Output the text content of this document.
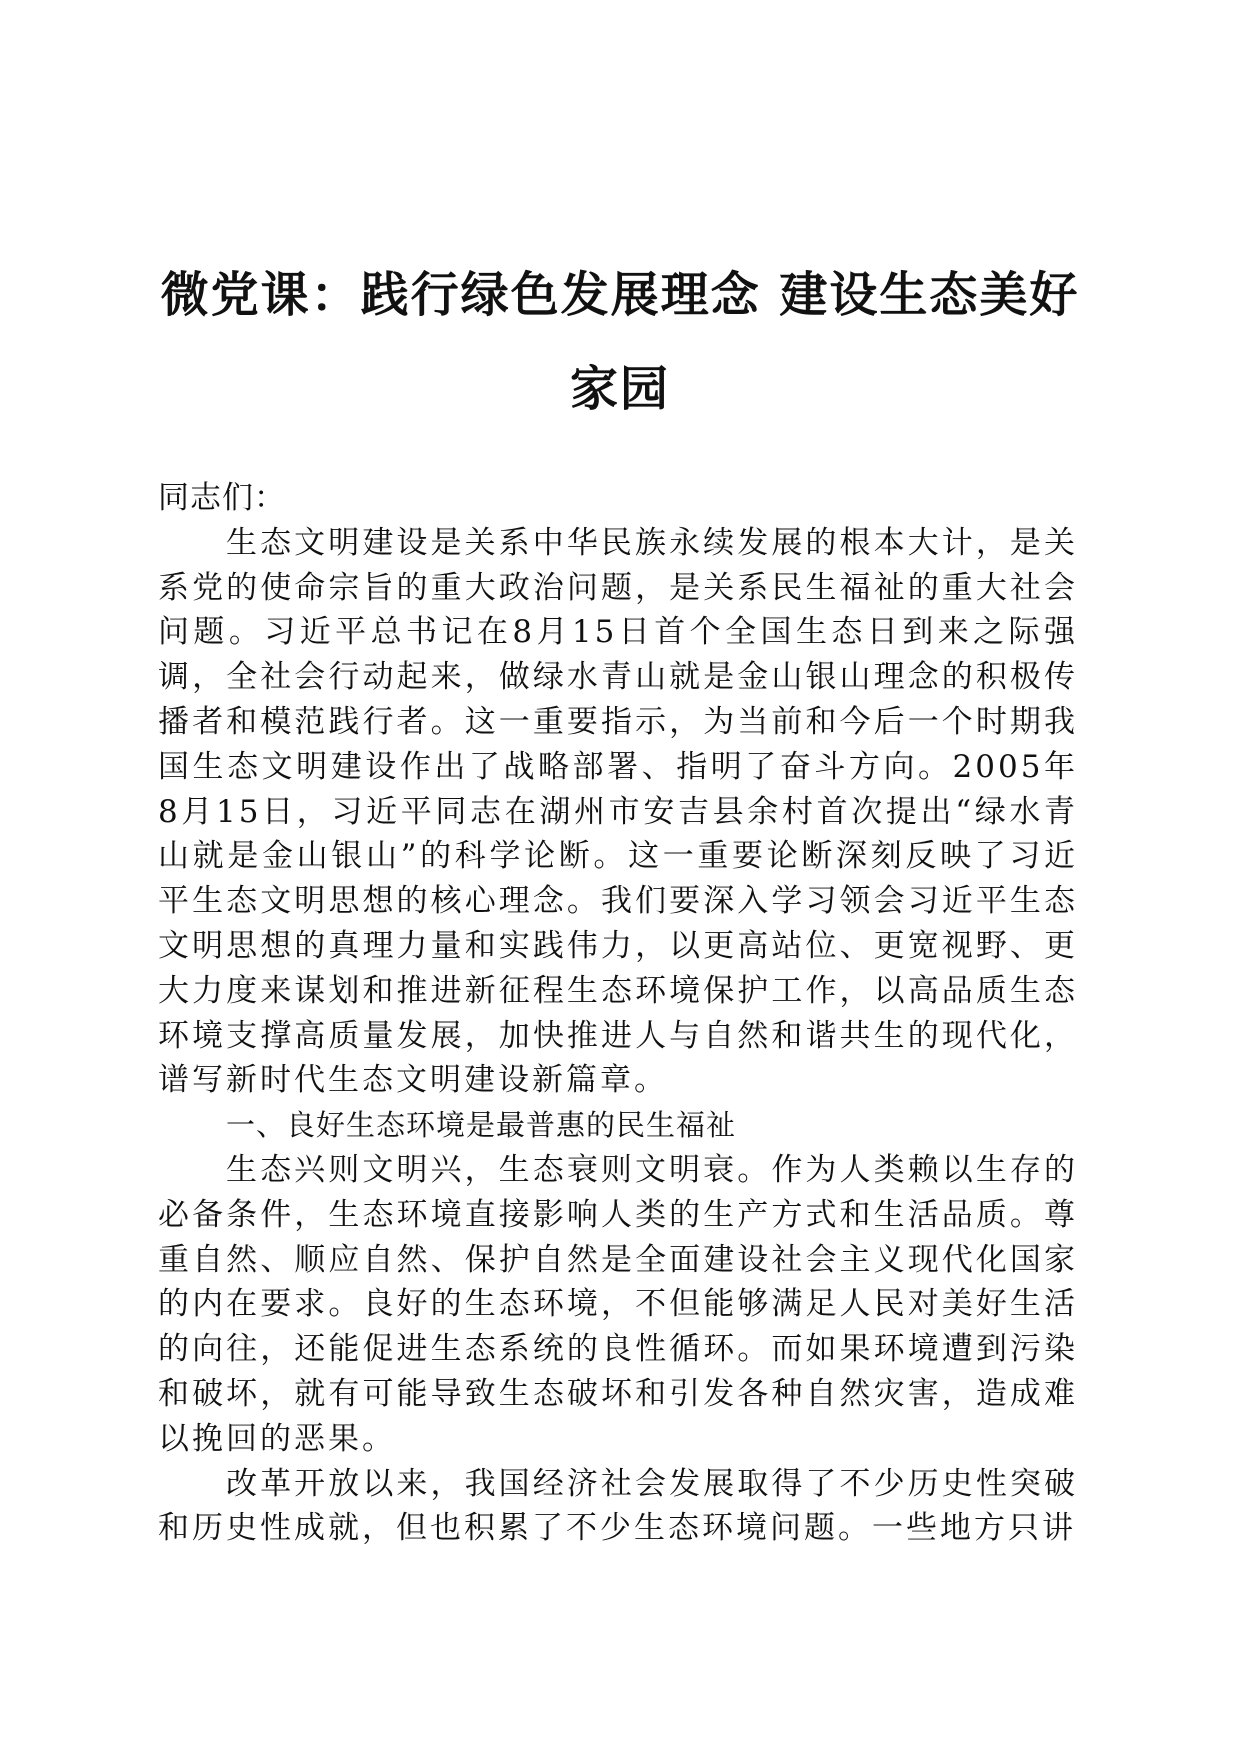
微党课：践行绿色发展理念 建设生态美好家园

同志们：

生态文明建设是关系中华民族永续发展的根本大计，是关系党的使命宗旨的重大政治问题，是关系民生福祉的重大社会问题。习近平总书记在8月15日首个全国生态日到来之际强调，全社会行动起来，做绿水青山就是金山银山理念的积极传播者和模范践行者。这一重要指示，为当前和今后一个时期我国生态文明建设作出了战略部署、指明了奋斗方向。2005年8月15日，习近平同志在湖州市安吉县余村首次提出“绿水青山就是金山银山”的科学论断。这一重要论断深刻反映了习近平生态文明思想的核心理念。我们要深入学习领会习近平生态文明思想的真理力量和实践伟力，以更高站位、更宽视野、更大力度来谋划和推进新征程生态环境保护工作，以高品质生态环境支撑高质量发展，加快推进人与自然和谐共生的现代化，谱写新时代生态文明建设新篇章。

一、良好生态环境是最普惠的民生福祉

生态兴则文明兴，生态衰则文明衰。作为人类赖以生存的必备条件，生态环境直接影响人类的生产方式和生活品质。尊重自然、顺应自然、保护自然是全面建设社会主义现代化国家的内在要求。良好的生态环境，不但能够满足人民对美好生活的向往，还能促进生态系统的良性循环。而如果环境遭到污染和破坏，就有可能导致生态破坏和引发各种自然灾害，造成难以挽回的恶果。

改革开放以来，我国经济社会发展取得了不少历史性突破和历史性成就，但也积累了不少生态环境问题。一些地方只讲
